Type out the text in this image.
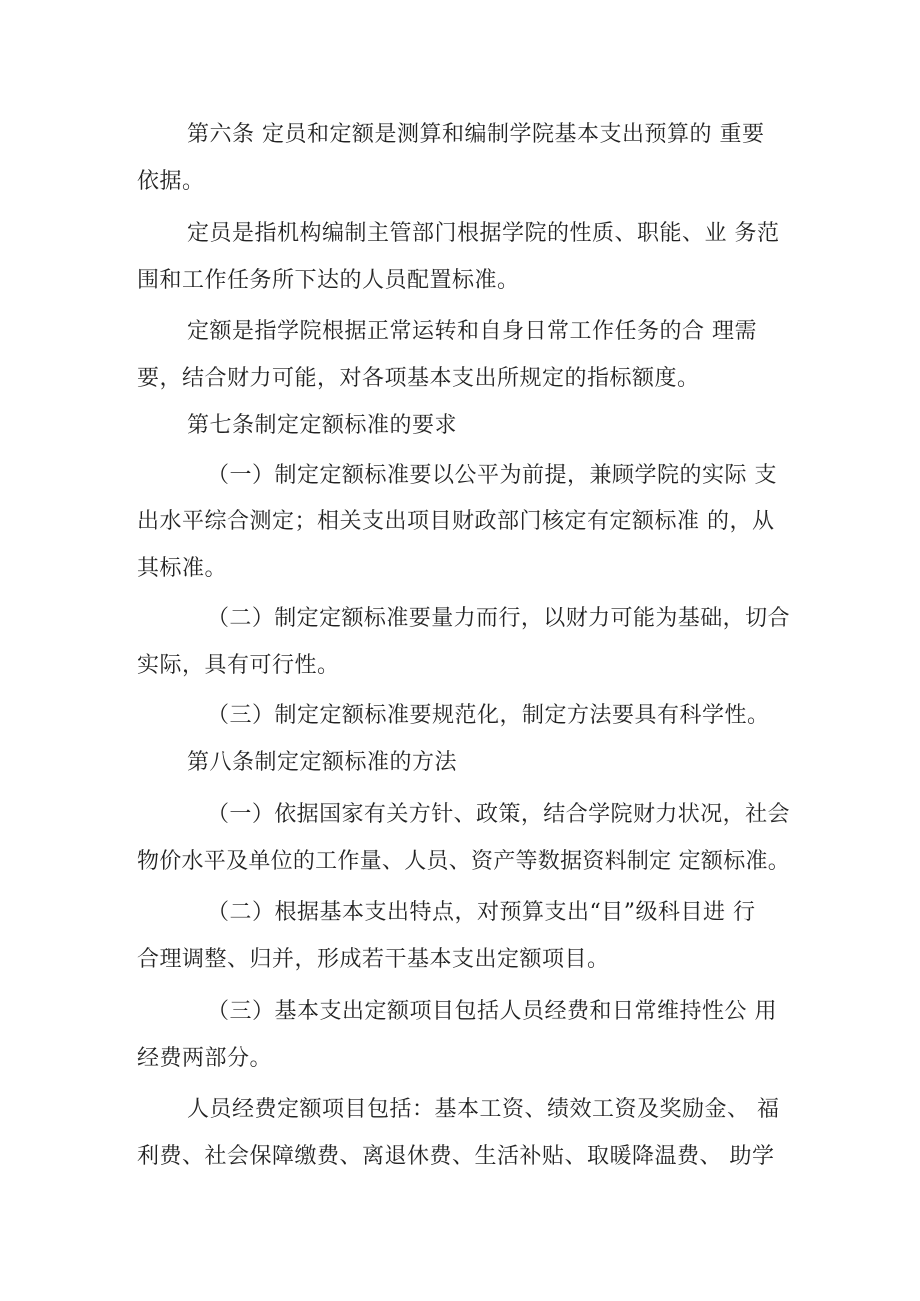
第六条 定员和定额是测算和编制学院基本支出预算的 重要
依据。
定员是指机构编制主管部门根据学院的性质、职能、业 务范
围和工作任务所下达的人员配置标准。
定额是指学院根据正常运转和自身日常工作任务的合 理需
要，结合财力可能，对各项基本支出所规定的指标额度。
第七条制定定额标准的要求
（一）制定定额标准要以公平为前提，兼顾学院的实际 支
出水平综合测定；相关支出项目财政部门核定有定额标准 的，从
其标准。
（二）制定定额标准要量力而行，以财力可能为基础，切合
实际，具有可行性。
（三）制定定额标准要规范化，制定方法要具有科学性。
第八条制定定额标准的方法
（一）依据国家有关方针、政策，结合学院财力状况，社会
物价水平及单位的工作量、人员、资产等数据资料制定 定额标准。
（二）根据基本支出特点，对预算支出“目”级科目进 行
合理调整、归并，形成若干基本支出定额项目。
（三）基本支出定额项目包括人员经费和日常维持性公 用
经费两部分。
人员经费定额项目包括：基本工资、绩效工资及奖励金、 福
利费、社会保障缴费、离退休费、生活补贴、取暖降温费、 助学
